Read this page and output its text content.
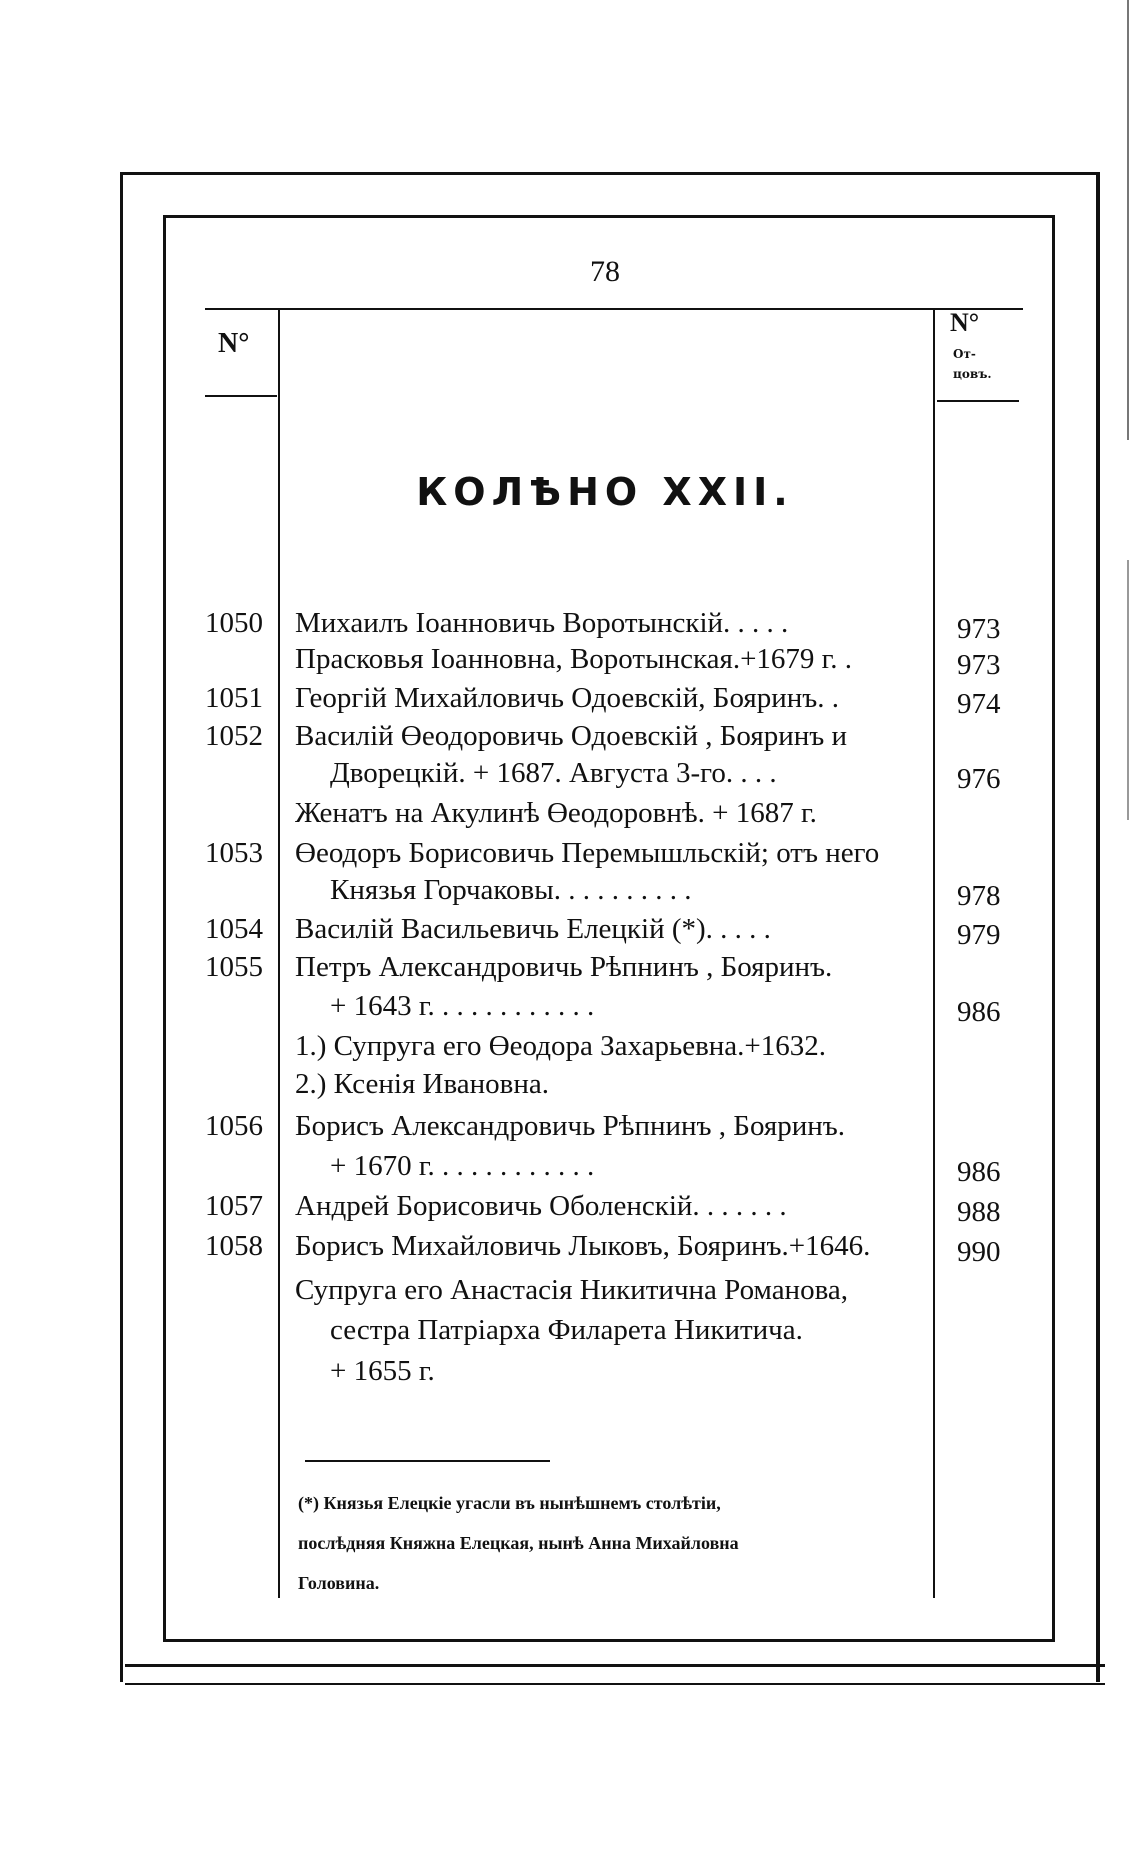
78
N°
N°
От- цовъ.
КОЛѢНО XXII.
1050	Михаилъ Іоанновичь Воротынскій. . . . .	973
Прасковья Іоанновна, Воротынская.+1679 г. .	973
1051	Георгій Михайловичь Одоевскій, Бояринъ. .	974
1052	Василій Өеодоровичь Одоевскій , Бояринъ и
Дворецкій. + 1687. Августа 3-го. . . .	976
Женатъ на Акулинѣ Өеодоровнѣ. + 1687 г.
1053	Өеодоръ Борисовичь Перемышльскій; отъ него
Князья Горчаковы. . . . . . . . . .	978
1054	Василій Васильевичь Елецкій (*). . . . .	979
1055	Петръ Александровичь Рѣпнинъ , Бояринъ.
+ 1643 г. . . . . . . . . . . .	986
1.) Супруга его Өеодора Захарьевна.+1632.
2.) Ксенія Ивановна.
1056	Борисъ Александровичь Рѣпнинъ , Бояринъ.
+ 1670 г. . . . . . . . . . . .	986
1057	Андрей Борисовичь Оболенскій. . . . . . .	988
1058	Борисъ Михайловичь Лыковъ, Бояринъ.+1646.	990
Супруга его Анастасія Никитична Романова,
сестра Патріарха Филарета Никитича.
+ 1655 г.
(*) Князья Елецкіе угасли въ нынѣшнемъ столѣтіи,
послѣдняя Княжна Елецкая, нынѣ Анна Михайловна
Головина.
